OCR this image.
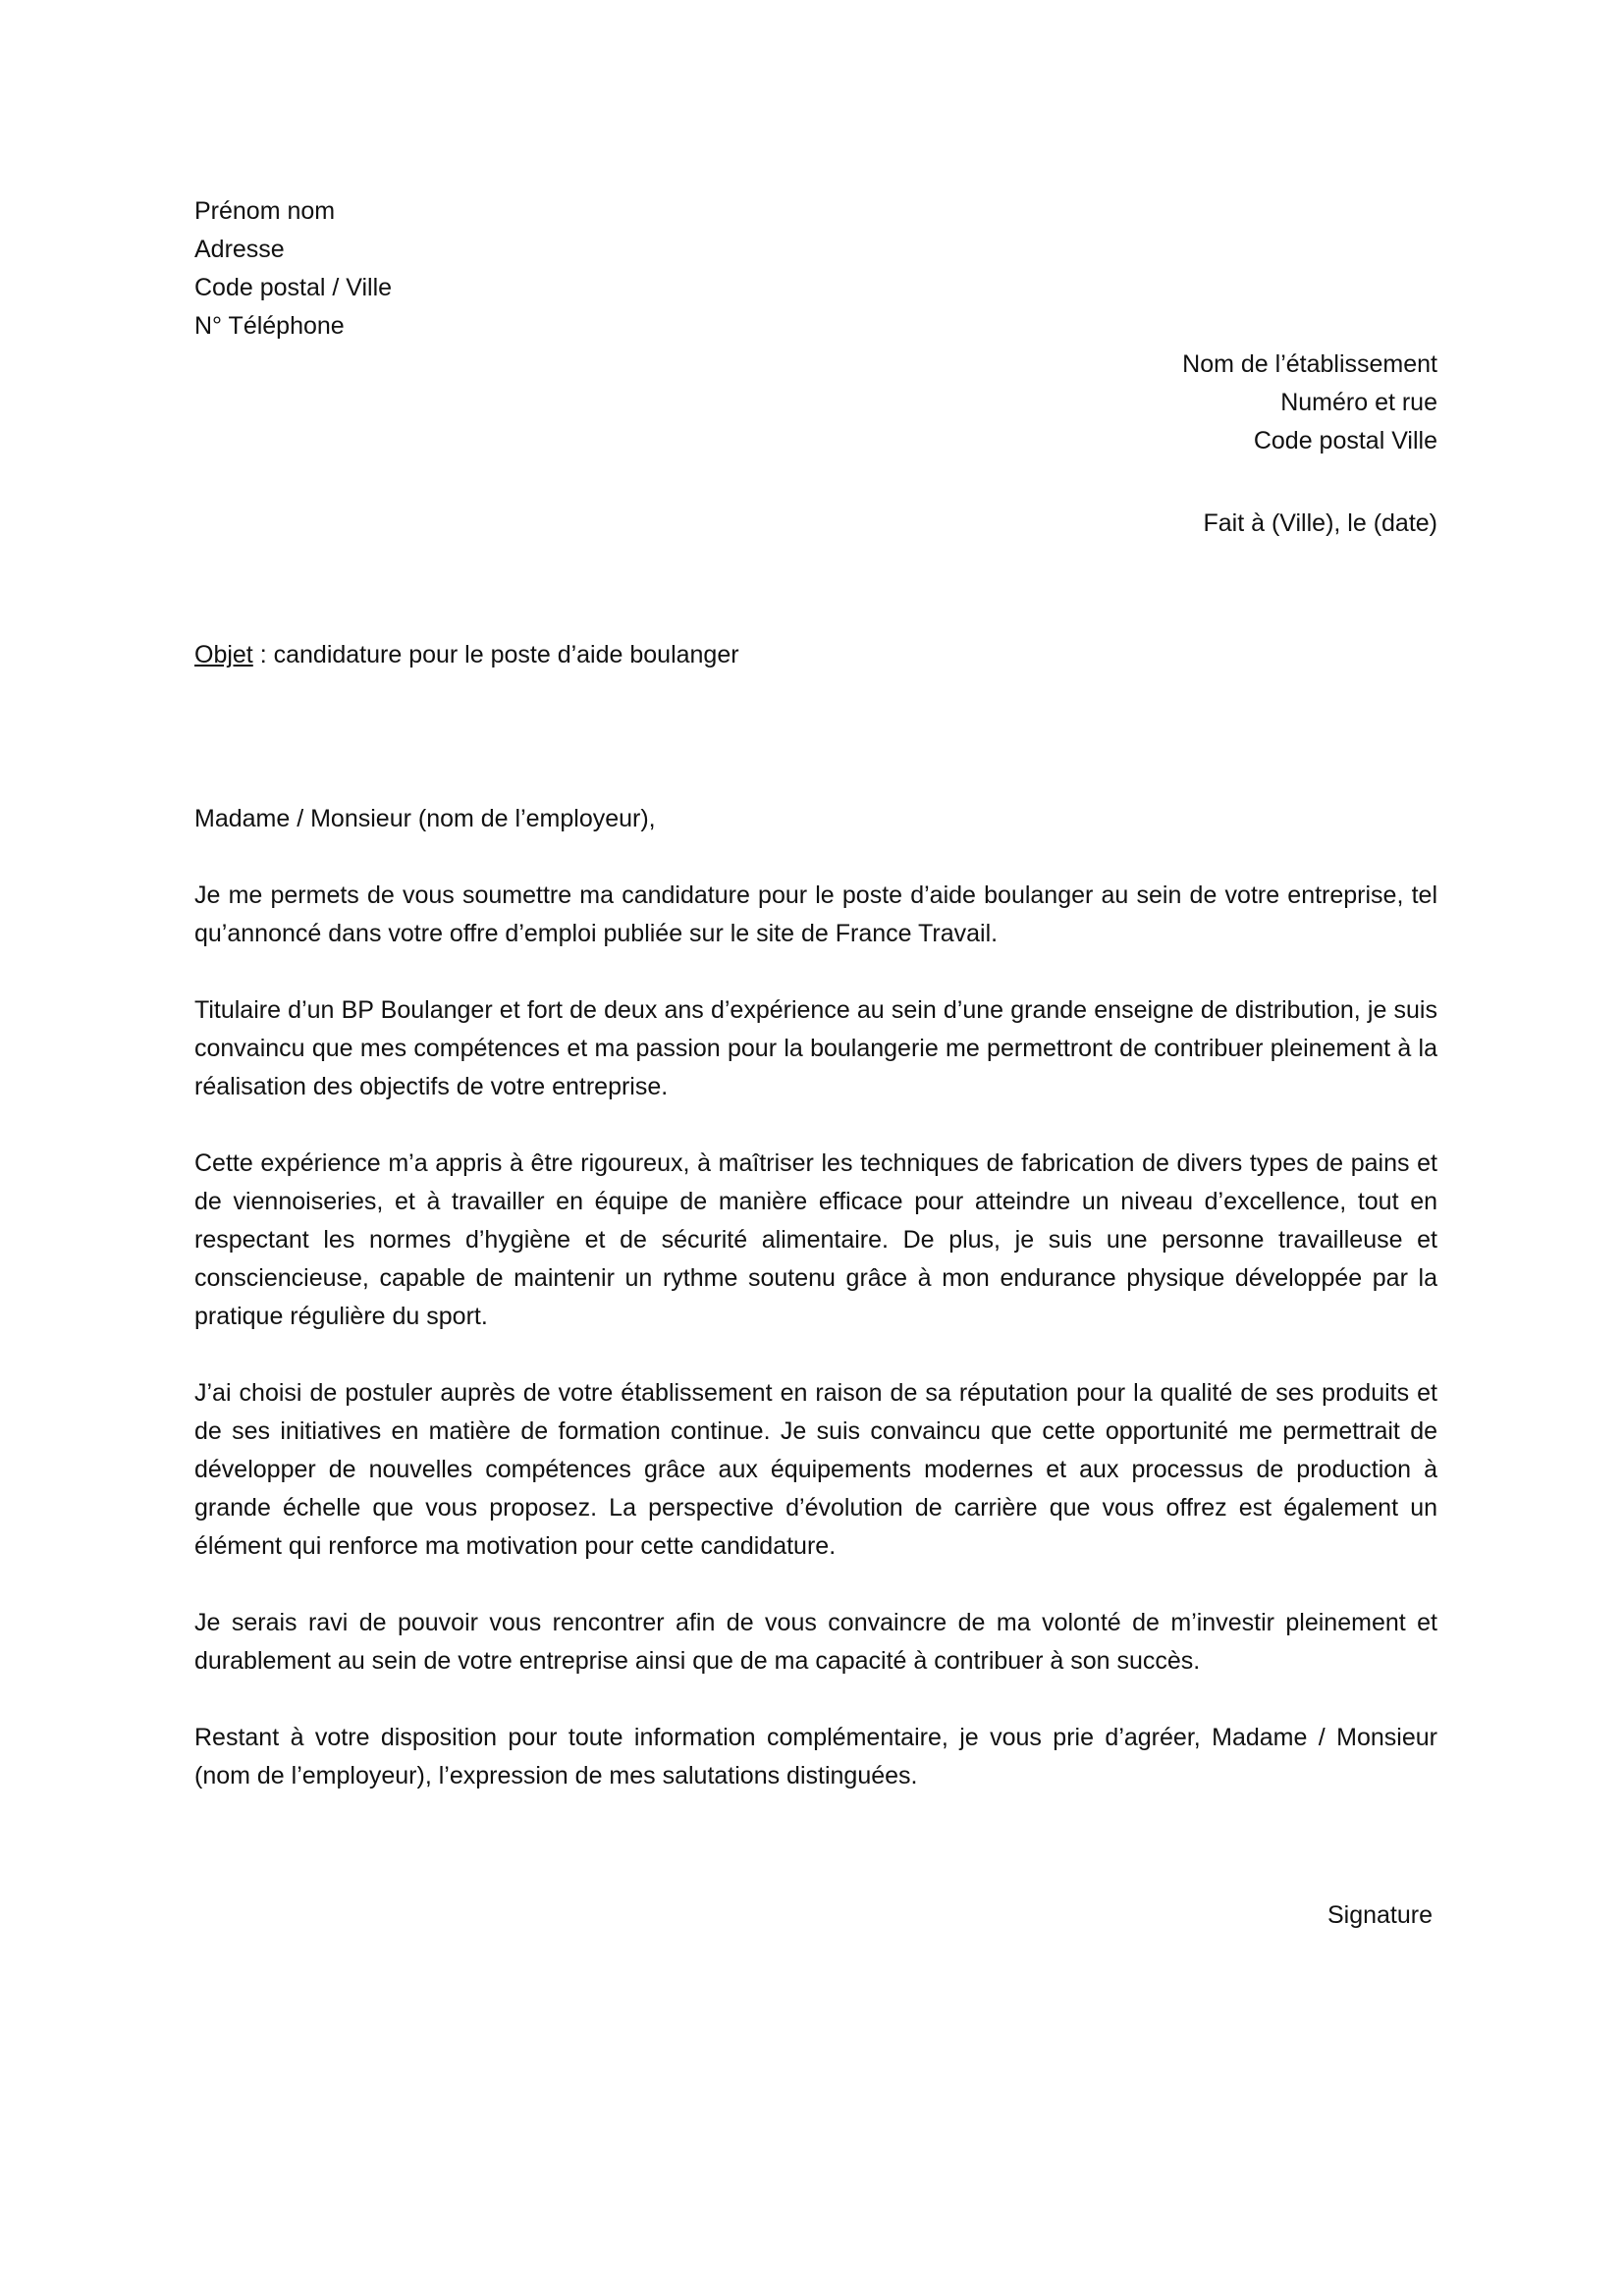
Prénom nom
Adresse
Code postal / Ville
N° Téléphone
Nom de l’établissement
Numéro et rue
Code postal Ville
Fait à (Ville), le (date)
Objet : candidature pour le poste d’aide boulanger

Madame / Monsieur (nom de l’employeur),

Je me permets de vous soumettre ma candidature pour le poste d’aide boulanger au sein de votre entreprise, tel qu’annoncé dans votre offre d’emploi publiée sur le site de France Travail.

Titulaire d’un BP Boulanger et fort de deux ans d’expérience au sein d’une grande enseigne de distribution, je suis convaincu que mes compétences et ma passion pour la boulangerie me permettront de contribuer pleinement à la réalisation des objectifs de votre entreprise.

Cette expérience m’a appris à être rigoureux, à maîtriser les techniques de fabrication de divers types de pains et de viennoiseries, et à travailler en équipe de manière efficace pour atteindre un niveau d’excellence, tout en respectant les normes d’hygiène et de sécurité alimentaire. De plus, je suis une personne travailleuse et consciencieuse, capable de maintenir un rythme soutenu grâce à mon endurance physique développée par la pratique régulière du sport.

J’ai choisi de postuler auprès de votre établissement en raison de sa réputation pour la qualité de ses produits et de ses initiatives en matière de formation continue. Je suis convaincu que cette opportunité me permettrait de développer de nouvelles compétences grâce aux équipements modernes et aux processus de production à grande échelle que vous proposez. La perspective d’évolution de carrière que vous offrez est également un élément qui renforce ma motivation pour cette candidature.

Je serais ravi de pouvoir vous rencontrer afin de vous convaincre de ma volonté de m’investir pleinement et durablement au sein de votre entreprise ainsi que de ma capacité à contribuer à son succès.

Restant à votre disposition pour toute information complémentaire, je vous prie d’agréer, Madame / Monsieur (nom de l’employeur), l’expression de mes salutations distinguées.

Signature
